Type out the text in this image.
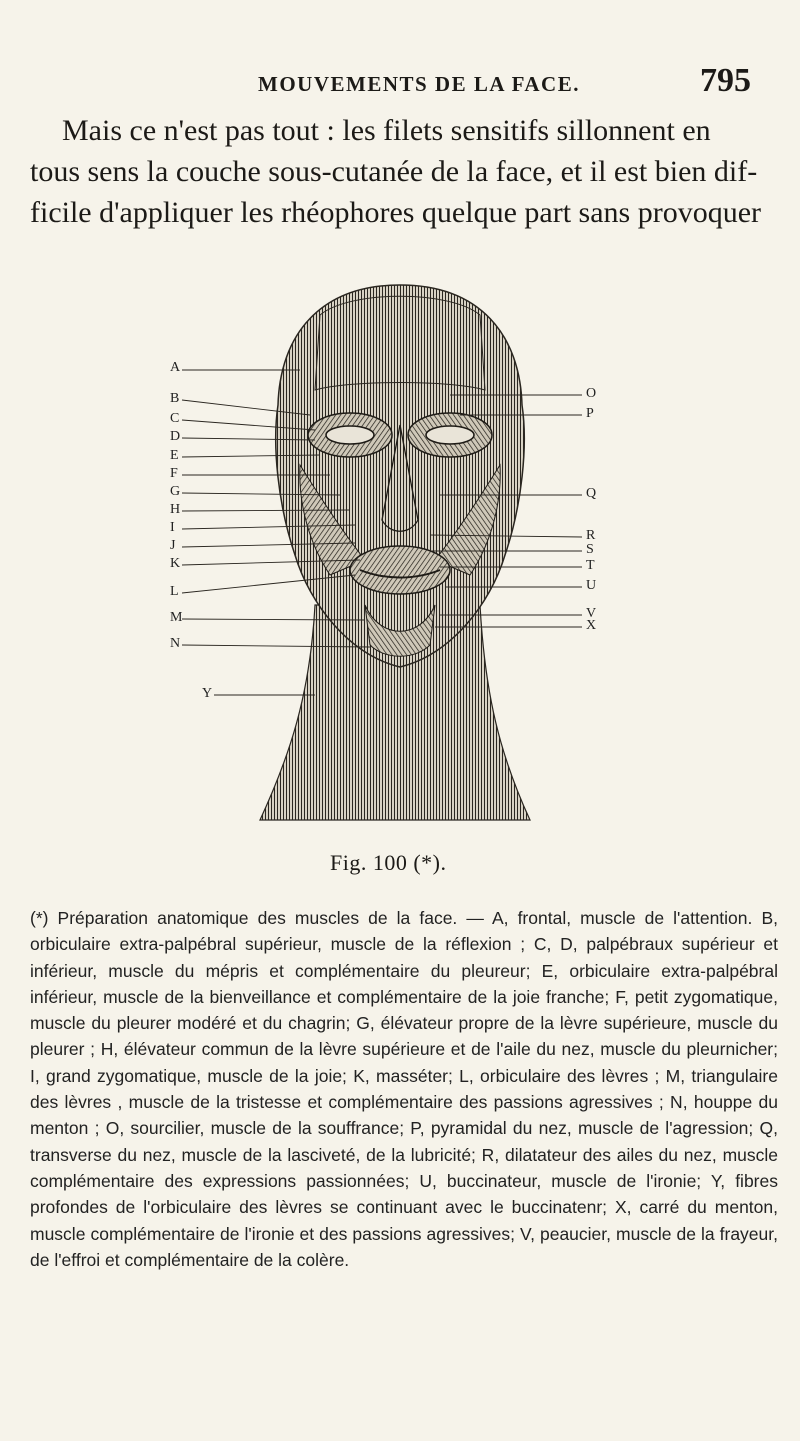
MOUVEMENTS DE LA FACE.	795
Mais ce n'est pas tout : les filets sensitifs sillonnent en
tous sens la couche sous-cutanée de la face, et il est bien dif-
ficile d'appliquer les rhéophores quelque part sans provoquer
A
B
C
D
E
F
G
H
I
J
K
L
M
N
Y
O
P
Q
R
S
T
U
V
X
Fig. 100 (*).
(*) Préparation anatomique des muscles de la face. — A, frontal, muscle de l'attention. B, orbiculaire extra-palpébral supérieur, muscle de la réflexion ; C, D, palpébraux supérieur et inférieur, muscle du mépris et complémentaire du pleureur; E, orbiculaire extra-palpébral inférieur, muscle de la bienveillance et complémentaire de la joie franche; F, petit zygomatique, muscle du pleurer modéré et du chagrin; G, élévateur propre de la lèvre supérieure, muscle du pleurer ; H, élévateur commun de la lèvre supérieure et de l'aile du nez, muscle du pleurnicher; I, grand zygomatique, muscle de la joie; K, masséter; L, orbiculaire des lèvres ; M, triangulaire des lèvres , muscle de la tristesse et complémentaire des passions agressives ; N, houppe du menton ; O, sourcilier, muscle de la souffrance; P, pyramidal du nez, muscle de l'agression; Q, transverse du nez, muscle de la lasciveté, de la lubricité; R, dilatateur des ailes du nez, muscle complémentaire des expressions passionnées; U, buccinateur, muscle de l'ironie; Y, fibres profondes de l'orbiculaire des lèvres se continuant avec le buccinatenr; X, carré du menton, muscle complémentaire de l'ironie et des passions agressives; V, peaucier, muscle de la frayeur, de l'effroi et complémentaire de la colère.
